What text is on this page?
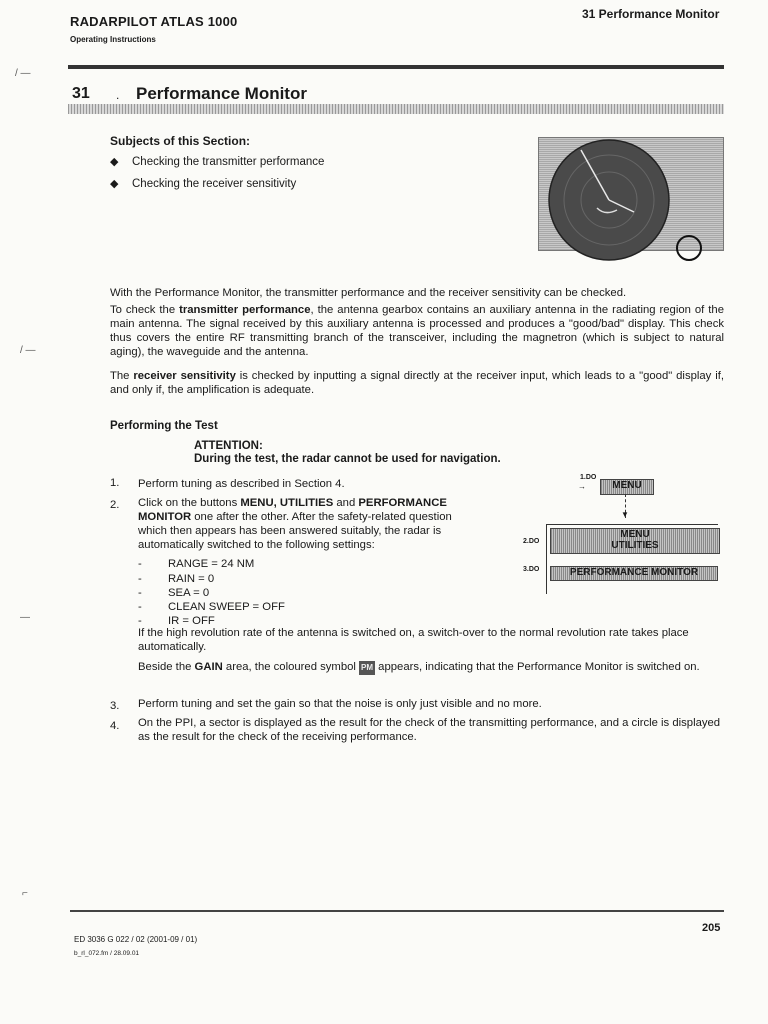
RADARPILOT ATLAS 1000
Operating Instructions
31 Performance Monitor
31 . Performance Monitor
Subjects of this Section:
◆ Checking the transmitter performance
◆ Checking the receiver sensitivity
With the Performance Monitor, the transmitter performance and the receiver sensitivity can be checked.
To check the transmitter performance, the antenna gearbox contains an auxiliary antenna in the radiating region of the main antenna. The signal received by this auxiliary antenna is processed and produces a "good/bad" display. This check thus covers the entire RF transmitting branch of the transceiver, including the magnetron (which is subject to natural aging), the waveguide and the antenna.
The receiver sensitivity is checked by inputting a signal directly at the receiver input, which leads to a "good" display if, and only if, the amplification is adequate.
Performing the Test
ATTENTION:
During the test, the radar cannot be used for navigation.
1. Perform tuning as described in Section 4.
2. Click on the buttons MENU, UTILITIES and PERFORMANCE
MONITOR one after the other. After the safety-related question
which then appears has been answered suitably, the radar is
automatically switched to the following settings:
- RANGE = 24 NM
- RAIN = 0
- SEA = 0
- CLEAN SWEEP = OFF
- IR = OFF
If the high revolution rate of the antenna is switched on, a switch-over to the normal revolution rate takes place automatically.
Beside the GAIN area, the coloured symbol PM appears, indicating that the Performance Monitor is switched on.
3. Perform tuning and set the gain so that the noise is only just visible and no more.
4. On the PPI, a sector is displayed as the result for the check of the transmitting performance, and a circle is displayed as the result for the check of the receiving performance.
1.DO
→	MENU
▼
2.DO
MENU
UTILITIES
3.DO	PERFORMANCE MONITOR
/ —
/ —
—
⌐
ED 3036 G 022 / 02 (2001-09 / 01)
b_rl_072.fm / 28.09.01
205
